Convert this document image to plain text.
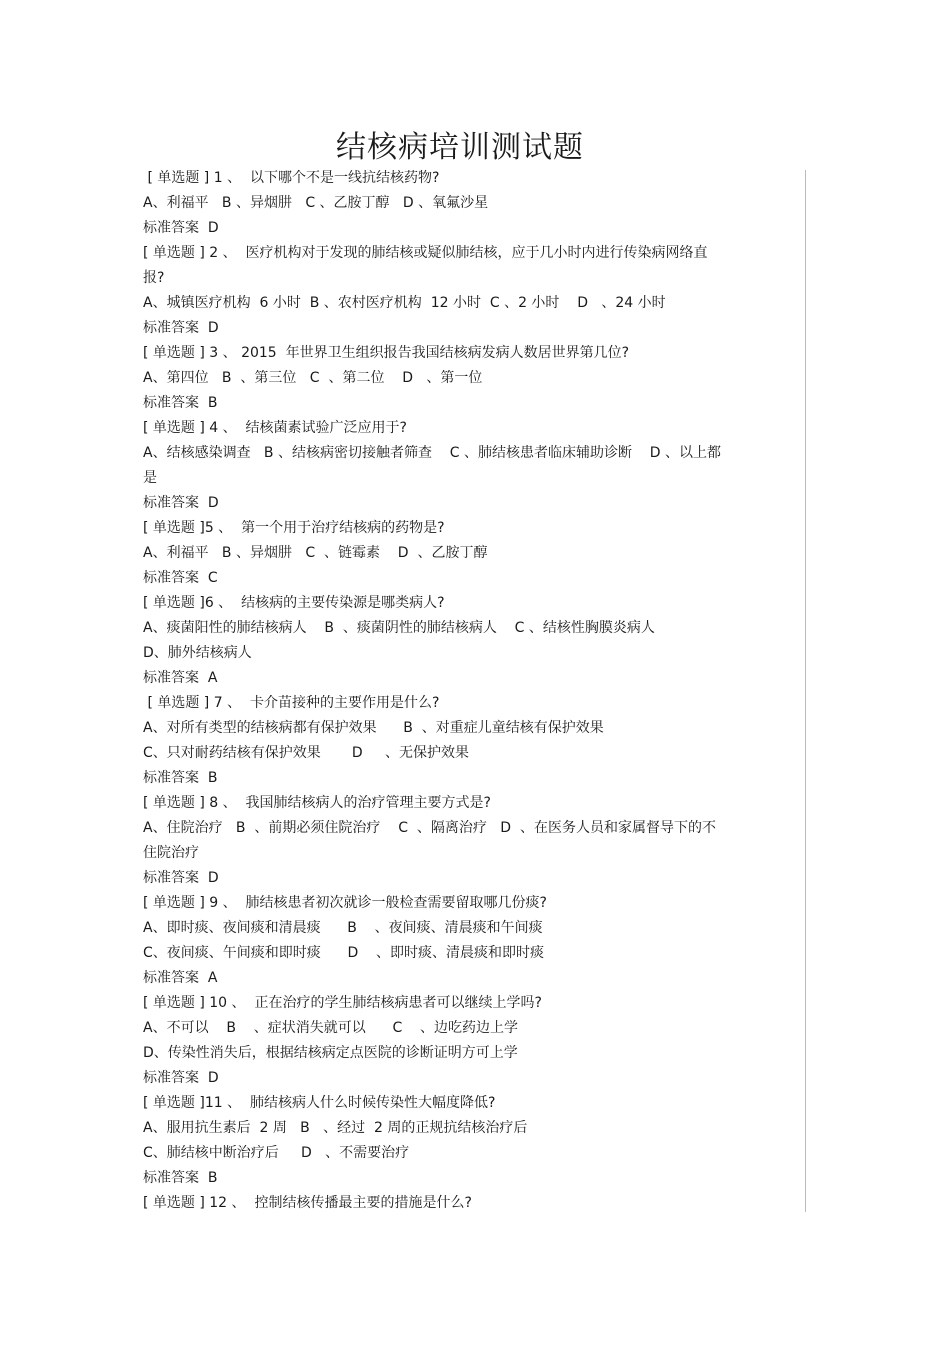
结核病培训测试题
[ 单选题 ] 1 、  以下哪个不是一线抗结核药物?
A、利福平   B 、异烟肼   C 、乙胺丁醇   D 、氧氟沙星
标准答案  D
[ 单选题 ] 2 、  医疗机构对于发现的肺结核或疑似肺结核，应于几小时内进行传染病网络直
报?
A、城镇医疗机构  6 小时  B 、农村医疗机构  12 小时  C 、2 小时    D   、24 小时
标准答案  D
[ 单选题 ] 3 、 2015  年世界卫生组织报告我国结核病发病人数居世界第几位?
A、第四位   B  、第三位   C  、第二位    D   、第一位
标准答案  B
[ 单选题 ] 4 、  结核菌素试验广泛应用于?
A、结核感染调查   B 、结核病密切接触者筛查    C 、肺结核患者临床辅助诊断    D 、以上都
是
标准答案  D
[ 单选题 ]5 、  第一个用于治疗结核病的药物是?
A、利福平   B 、异烟肼   C  、链霉素    D  、乙胺丁醇
标准答案  C
[ 单选题 ]6 、  结核病的主要传染源是哪类病人?
A、痰菌阳性的肺结核病人    B  、痰菌阴性的肺结核病人    C 、结核性胸膜炎病人
D、肺外结核病人
标准答案  A
[ 单选题 ] 7 、  卡介苗接种的主要作用是什么?
A、对所有类型的结核病都有保护效果      B  、对重症儿童结核有保护效果
C、只对耐药结核有保护效果       D     、无保护效果
标准答案  B
[ 单选题 ] 8 、  我国肺结核病人的治疗管理主要方式是?
A、住院治疗   B  、前期必须住院治疗    C  、隔离治疗   D  、在医务人员和家属督导下的不
住院治疗
标准答案  D
[ 单选题 ] 9 、  肺结核患者初次就诊一般检查需要留取哪几份痰?
A、即时痰、夜间痰和清晨痰      B    、夜间痰、清晨痰和午间痰
C、夜间痰、午间痰和即时痰      D    、即时痰、清晨痰和即时痰
标准答案  A
[ 单选题 ] 10 、  正在治疗的学生肺结核病患者可以继续上学吗?
A、不可以    B    、症状消失就可以      C    、边吃药边上学
D、传染性消失后，根据结核病定点医院的诊断证明方可上学
标准答案  D
[ 单选题 ]11 、  肺结核病人什么时候传染性大幅度降低?
A、服用抗生素后  2 周   B   、经过  2 周的正规抗结核治疗后
C、肺结核中断治疗后     D   、不需要治疗
标准答案  B
[ 单选题 ] 12 、  控制结核传播最主要的措施是什么?
